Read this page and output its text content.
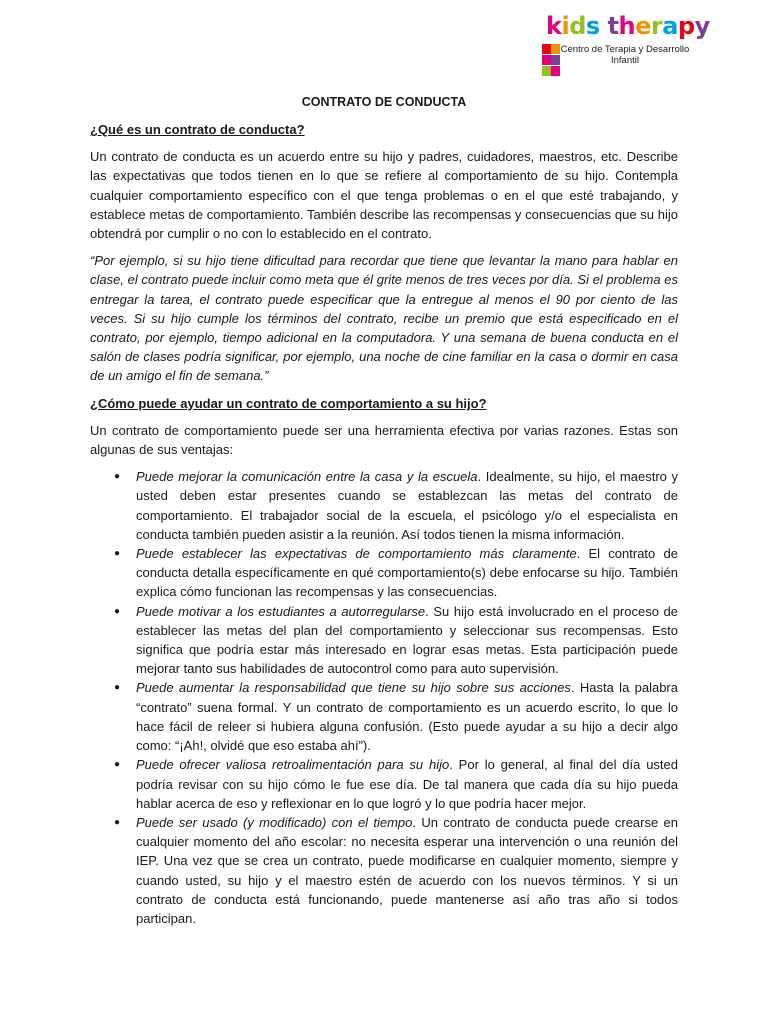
kids therapy
Centro de Terapia y Desarrollo
Infantil
CONTRATO DE CONDUCTA
¿Qué es un contrato de conducta?
Un contrato de conducta es un acuerdo entre su hijo y padres, cuidadores, maestros, etc. Describe las expectativas que todos tienen en lo que se refiere al comportamiento de su hijo. Contempla cualquier comportamiento específico con el que tenga problemas o en el que esté trabajando, y establece metas de comportamiento. También describe las recompensas y consecuencias que su hijo obtendrá por cumplir o no con lo establecido en el contrato.
“Por ejemplo, si su hijo tiene dificultad para recordar que tiene que levantar la mano para hablar en clase, el contrato puede incluir como meta que él grite menos de tres veces por día. Si el problema es entregar la tarea, el contrato puede especificar que la entregue al menos el 90 por ciento de las veces. Si su hijo cumple los términos del contrato, recibe un premio que está especificado en el contrato, por ejemplo, tiempo adicional en la computadora. Y una semana de buena conducta en el salón de clases podría significar, por ejemplo, una noche de cine familiar en la casa o dormir en casa de un amigo el fin de semana.”
¿Cómo puede ayudar un contrato de comportamiento a su hijo?
Un contrato de comportamiento puede ser una herramienta efectiva por varias razones. Estas son algunas de sus ventajas:
● Puede mejorar la comunicación entre la casa y la escuela. Idealmente, su hijo, el maestro y usted deben estar presentes cuando se establezcan las metas del contrato de comportamiento. El trabajador social de la escuela, el psicólogo y/o el especialista en conducta también pueden asistir a la reunión. Así todos tienen la misma información.
● Puede establecer las expectativas de comportamiento más claramente. El contrato de conducta detalla específicamente en qué comportamiento(s) debe enfocarse su hijo. También explica cómo funcionan las recompensas y las consecuencias.
● Puede motivar a los estudiantes a autorregularse. Su hijo está involucrado en el proceso de establecer las metas del plan del comportamiento y seleccionar sus recompensas. Esto significa que podría estar más interesado en lograr esas metas. Esta participación puede mejorar tanto sus habilidades de autocontrol como para auto supervisión.
● Puede aumentar la responsabilidad que tiene su hijo sobre sus acciones. Hasta la palabra “contrato” suena formal. Y un contrato de comportamiento es un acuerdo escrito, lo que lo hace fácil de releer si hubiera alguna confusión. (Esto puede ayudar a su hijo a decir algo como: “¡Ah!, olvidé que eso estaba ahí”).
● Puede ofrecer valiosa retroalimentación para su hijo. Por lo general, al final del día usted podría revisar con su hijo cómo le fue ese día. De tal manera que cada día su hijo pueda hablar acerca de eso y reflexionar en lo que logró y lo que podría hacer mejor.
● Puede ser usado (y modificado) con el tiempo. Un contrato de conducta puede crearse en cualquier momento del año escolar: no necesita esperar una intervención o una reunión del IEP. Una vez que se crea un contrato, puede modificarse en cualquier momento, siempre y cuando usted, su hijo y el maestro estén de acuerdo con los nuevos términos. Y si un contrato de conducta está funcionando, puede mantenerse así año tras año si todos participan.
